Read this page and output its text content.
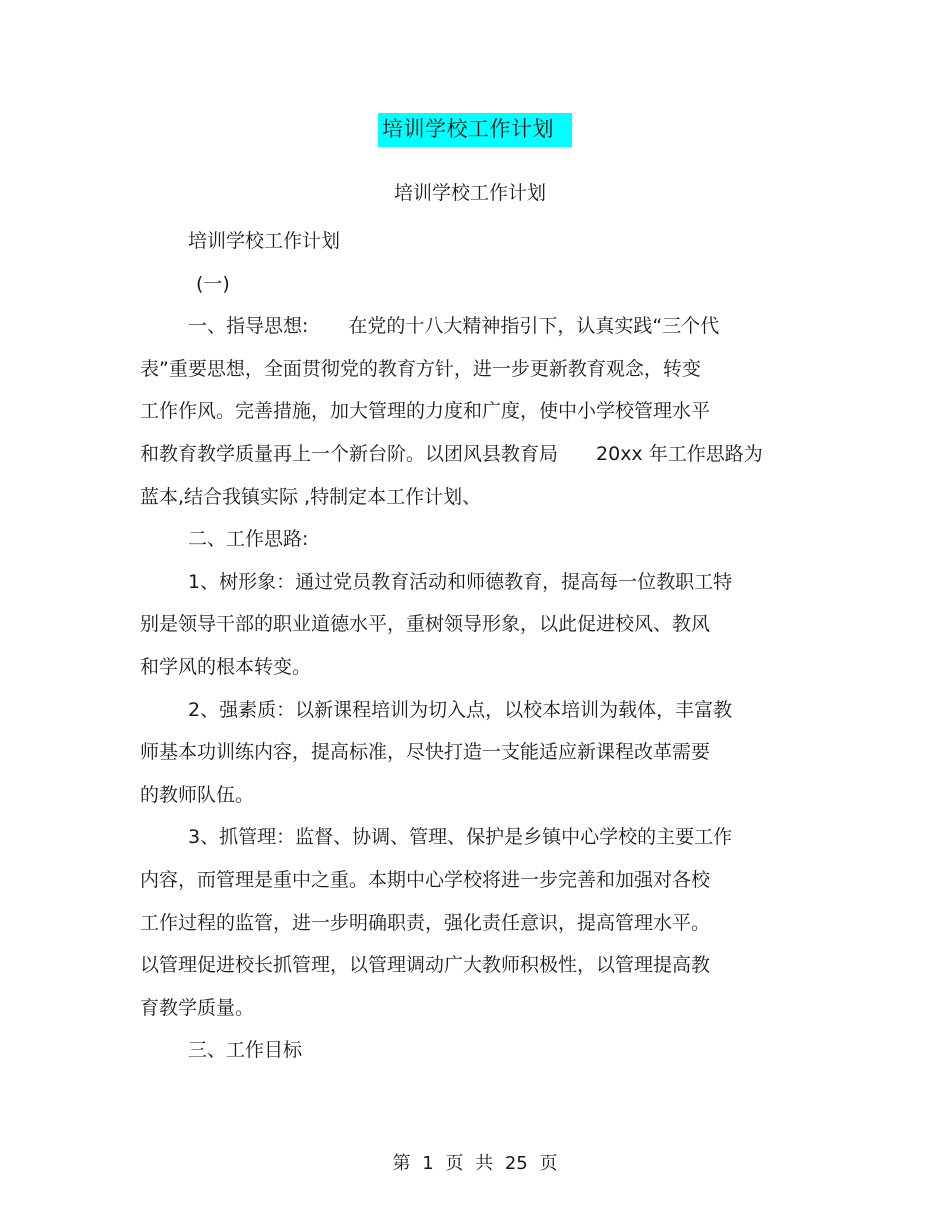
培训学校工作计划
培训学校工作计划
培训学校工作计划
(一)
一、指导思想: 在党的十八大精神指引下，认真实践“三个代
表”重要思想，全面贯彻党的教育方针，进一步更新教育观念，转变
工作作风。完善措施，加大管理的力度和广度，使中小学校管理水平
和教育教学质量再上一个新台阶。以团风县教育局 20xx 年工作思路为
蓝本,结合我镇实际 ,特制定本工作计划、
二、工作思路:
1、树形象：通过党员教育活动和师德教育，提高每一位教职工特
别是领导干部的职业道德水平，重树领导形象，以此促进校风、教风
和学风的根本转变。
2、强素质：以新课程培训为切入点，以校本培训为载体，丰富教
师基本功训练内容，提高标准，尽快打造一支能适应新课程改革需要
的教师队伍。
3、抓管理：监督、协调、管理、保护是乡镇中心学校的主要工作
内容，而管理是重中之重。本期中心学校将进一步完善和加强对各校
工作过程的监管，进一步明确职责，强化责任意识，提高管理水平。
以管理促进校长抓管理，以管理调动广大教师积极性，以管理提高教
育教学质量。
三、工作目标
第 1 页 共 25 页
